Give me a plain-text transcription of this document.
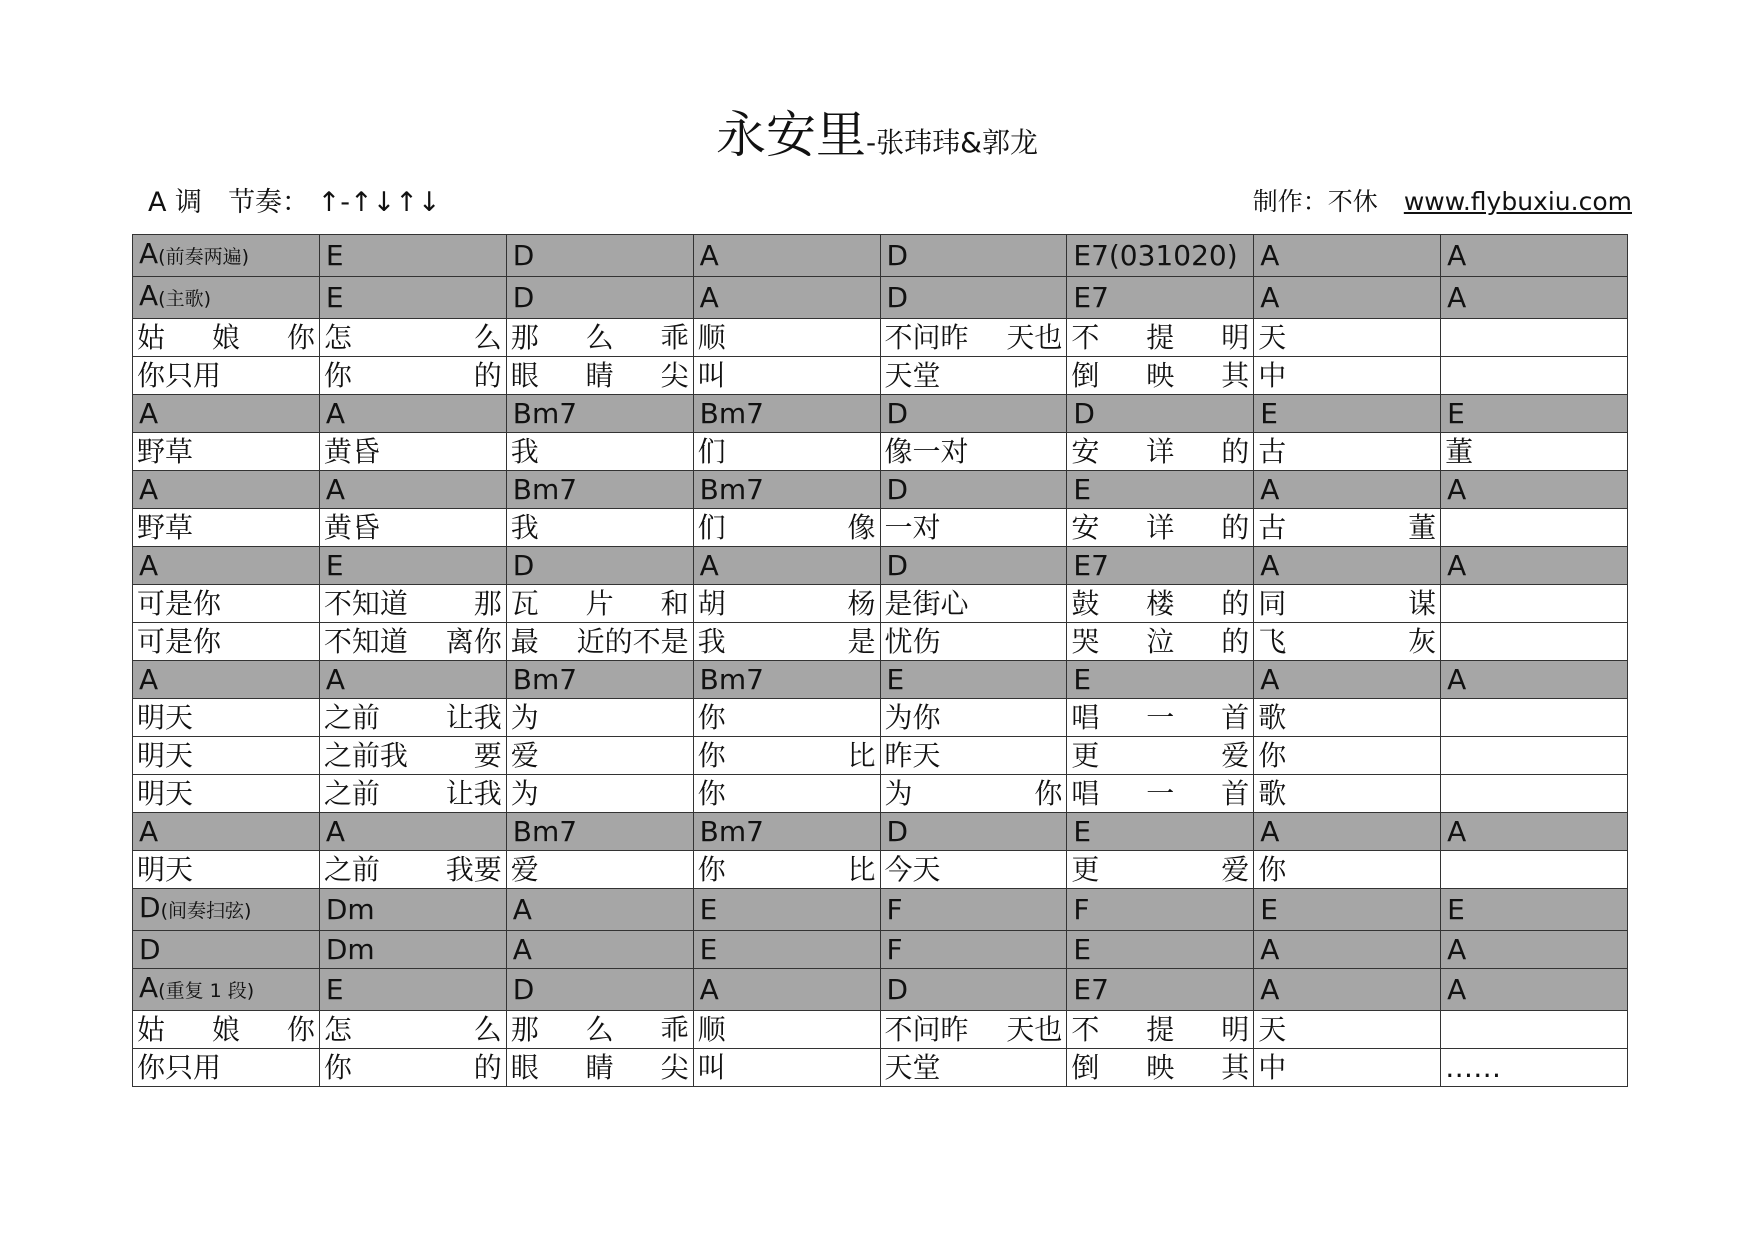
永安里-张玮玮&郭龙
A 调 节奏： ↑-↑↓↑↓	制作：不休 www.flybuxiu.com
A(前奏两遍)	E	D	A	D	E7(031020)	A	A
A(主歌)	E	D	A	D	E7	A	A

姑 娘 你	怎 么	那 么 乖	顺	不问昨 天也	不 提 明	天	

你只用	你 的	眼 睛 尖	叫	天堂	倒 映 其	中	

A	A	Bm7	Bm7	D	D	E	E

野草	黄昏	我	们	像一对	安 详 的	古	董

A	A	Bm7	Bm7	D	E	A	A

野草	黄昏	我	们 像	一对	安 详 的	古 董	

A	E	D	A	D	E7	A	A

可是你	不知道 那	瓦 片 和	胡 杨	是街心	鼓 楼 的	同 谋	

可是你	不知道 离你	最 近的不是	我 是	忧伤	哭 泣 的	飞 灰	

A	A	Bm7	Bm7	E	E	A	A

明天	之前 让我	为	你	为你	唱 一 首	歌	

明天	之前我 要	爱	你 比	昨天	更 爱	你	

明天	之前 让我	为	你	为 你	唱 一 首	歌	

A	A	Bm7	Bm7	D	E	A	A

明天	之前 我要	爱	你 比	今天	更 爱	你	

D(间奏扫弦)	Dm	A	E	F	F	E	E
D	Dm	A	E	F	E	A	A
A(重复 1 段)	E	D	A	D	E7	A	A

姑 娘 你	怎 么	那 么 乖	顺	不问昨 天也	不 提 明	天	

你只用	你 的	眼 睛 尖	叫	天堂	倒 映 其	中	……
